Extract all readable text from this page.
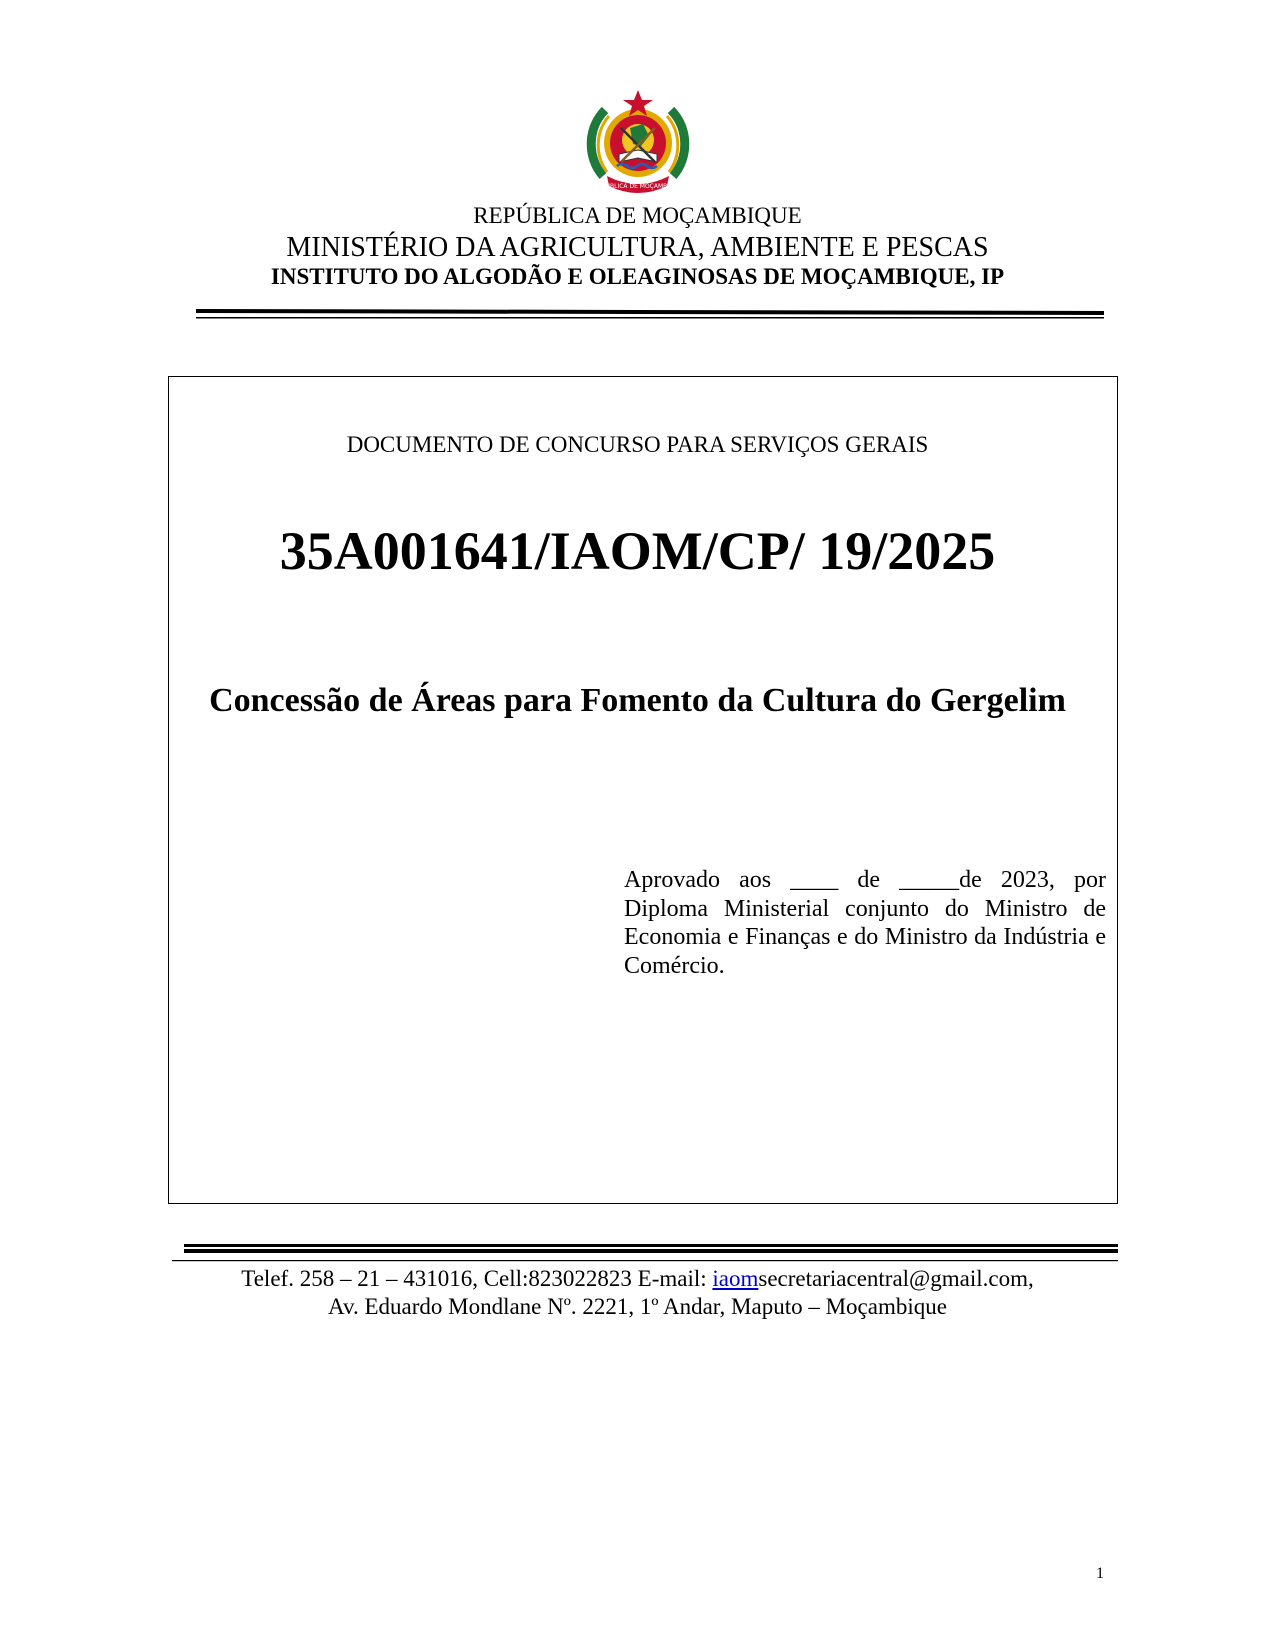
REPÚBLICA DE MOÇAMBIQUE
REPÚBLICA DE MOÇAMBIQUE
MINISTÉRIO DA AGRICULTURA, AMBIENTE E PESCAS
INSTITUTO DO ALGODÃO E OLEAGINOSAS DE MOÇAMBIQUE, IP
DOCUMENTO DE CONCURSO PARA SERVIÇOS GERAIS
35A001641/IAOM/CP/ 19/2025
Concessão de Áreas para Fomento da Cultura do Gergelim
Aprovado aos ____ de _____de 2023, por Diploma Ministerial conjunto do Ministro de Economia e Finanças e do Ministro da Indústria e Comércio.
Telef. 258 – 21 – 431016, Cell:823022823 E-mail: iaomsecretariacentral@gmail.com,
Av. Eduardo Mondlane Nº. 2221, 1º Andar, Maputo – Moçambique
1
